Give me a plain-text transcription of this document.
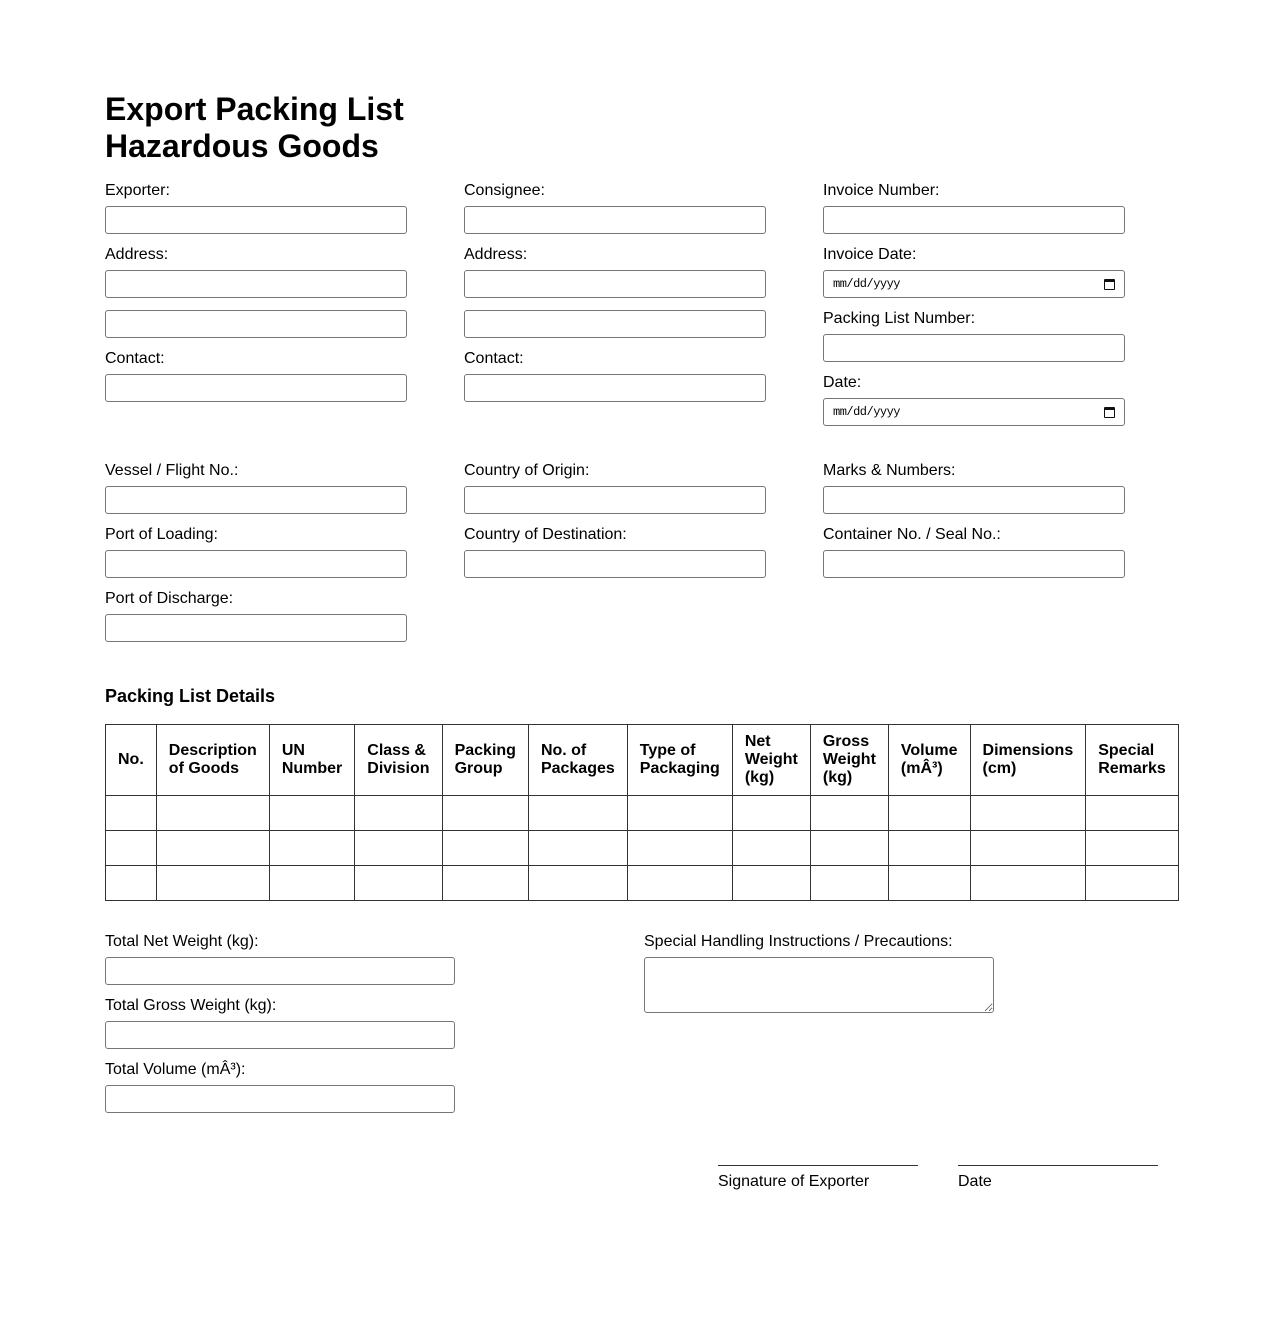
Export Packing List
Hazardous Goods
Exporter:
Address:
Contact:
Consignee:
Address:
Contact:
Invoice Number:
Invoice Date:
mm/dd/yyyy
Packing List Number:
Date:
mm/dd/yyyy
Vessel / Flight No.:
Port of Loading:
Port of Discharge:
Country of Origin:
Country of Destination:
Marks & Numbers:
Container No. / Seal No.:
Packing List Details
No.	Description of Goods	UN Number	Class & Division	Packing Group	No. of Packages	Type of Packaging	Net Weight (kg)	Gross Weight (kg)	Volume (mÂ³)	Dimensions (cm)	Special Remarks

Total Net Weight (kg):
Total Gross Weight (kg):
Total Volume (mÂ³):
Special Handling Instructions / Precautions:
Signature of Exporter	Date
